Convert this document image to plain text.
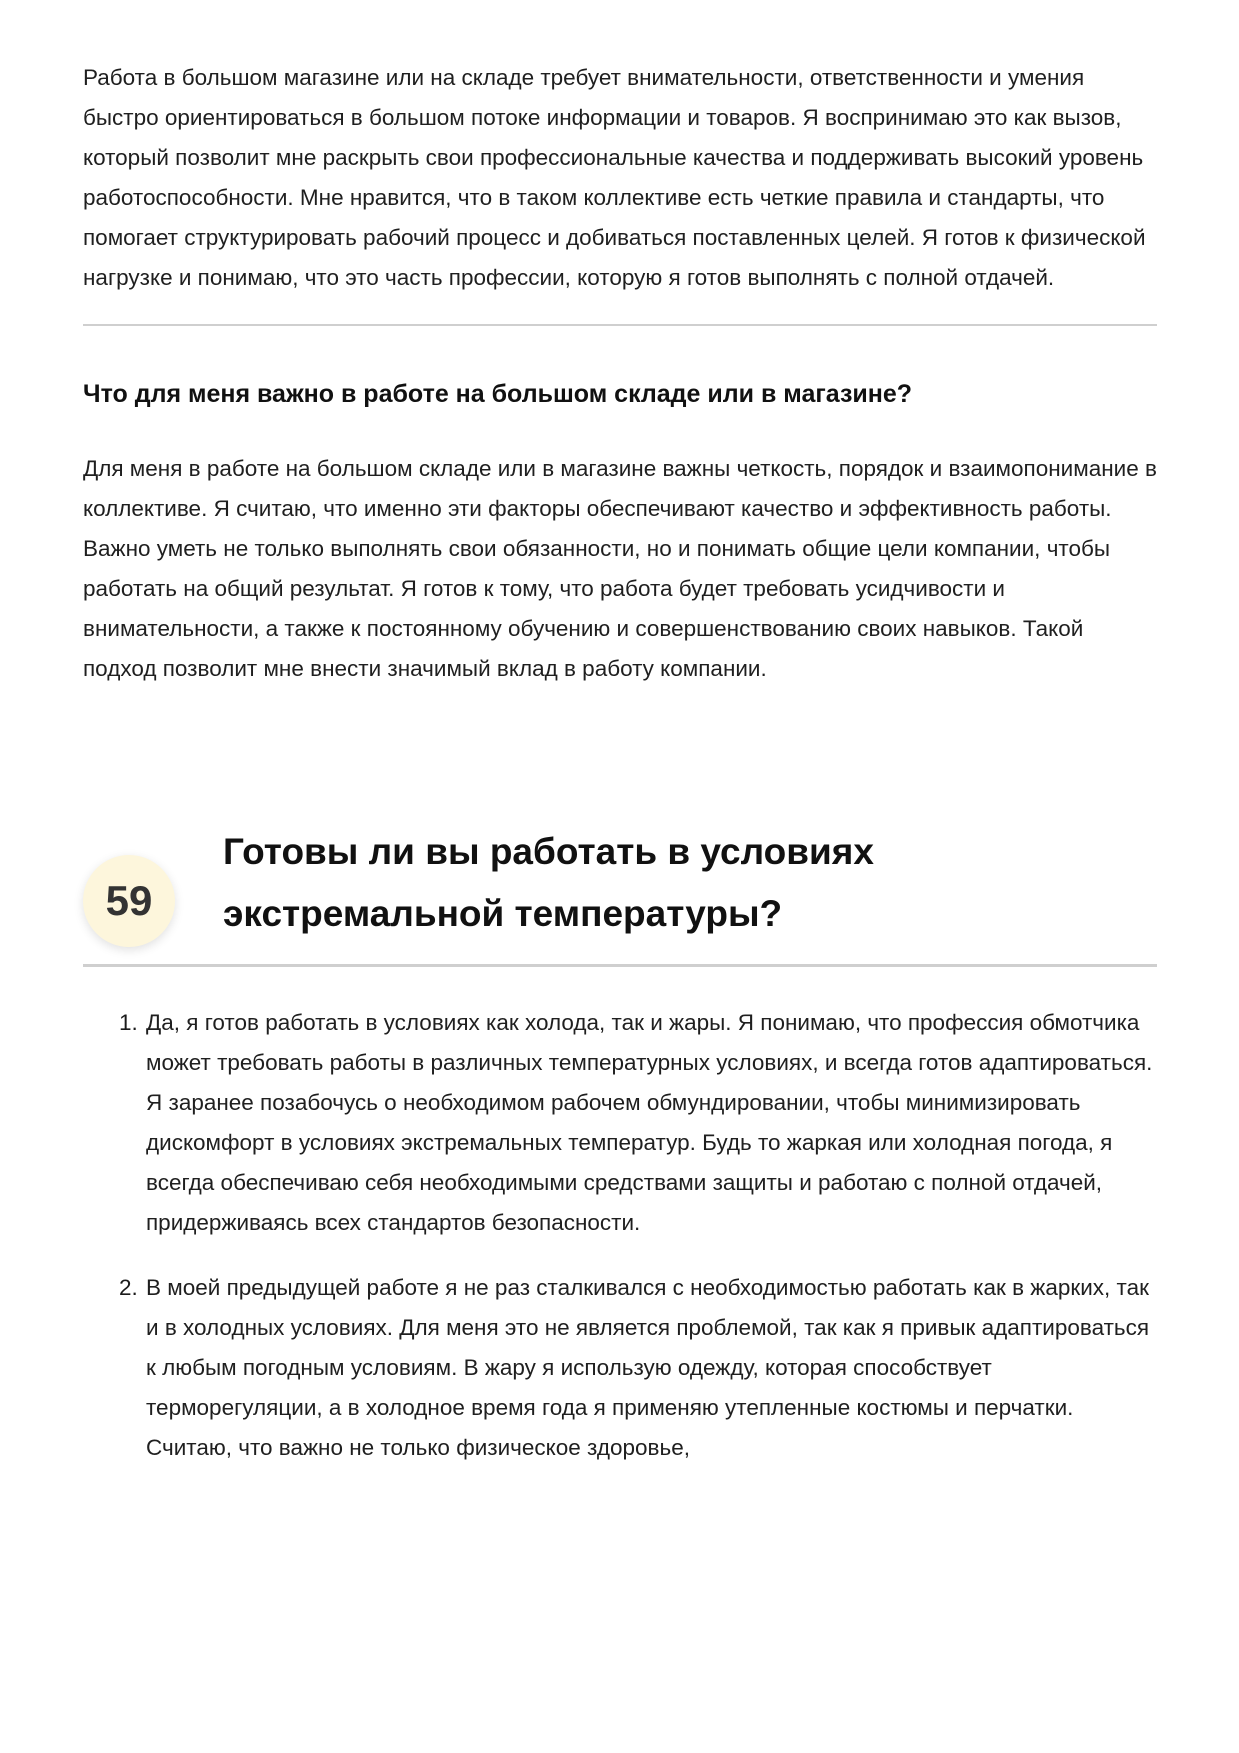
Работа в большом магазине или на складе требует внимательности, ответственности и умения быстро ориентироваться в большом потоке информации и товаров. Я воспринимаю это как вызов, который позволит мне раскрыть свои профессиональные качества и поддерживать высокий уровень работоспособности. Мне нравится, что в таком коллективе есть четкие правила и стандарты, что помогает структурировать рабочий процесс и добиваться поставленных целей. Я готов к физической нагрузке и понимаю, что это часть профессии, которую я готов выполнять с полной отдачей.

Что для меня важно в работе на большом складе или в магазине?

Для меня в работе на большом складе или в магазине важны четкость, порядок и взаимопонимание в коллективе. Я считаю, что именно эти факторы обеспечивают качество и эффективность работы. Важно уметь не только выполнять свои обязанности, но и понимать общие цели компании, чтобы работать на общий результат. Я готов к тому, что работа будет требовать усидчивости и внимательности, а также к постоянному обучению и совершенствованию своих навыков. Такой подход позволит мне внести значимый вклад в работу компании.

59
Готовы ли вы работать в условиях экстремальной температуры?
1. Да, я готов работать в условиях как холода, так и жары. Я понимаю, что профессия обмотчика может требовать работы в различных температурных условиях, и всегда готов адаптироваться. Я заранее позабочусь о необходимом рабочем обмундировании, чтобы минимизировать дискомфорт в условиях экстремальных температур. Будь то жаркая или холодная погода, я всегда обеспечиваю себя необходимыми средствами защиты и работаю с полной отдачей, придерживаясь всех стандартов безопасности.

2. В моей предыдущей работе я не раз сталкивался с необходимостью работать как в жарких, так и в холодных условиях. Для меня это не является проблемой, так как я привык адаптироваться к любым погодным условиям. В жару я использую одежду, которая способствует терморегуляции, а в холодное время года я применяю утепленные костюмы и перчатки. Считаю, что важно не только физическое здоровье,
